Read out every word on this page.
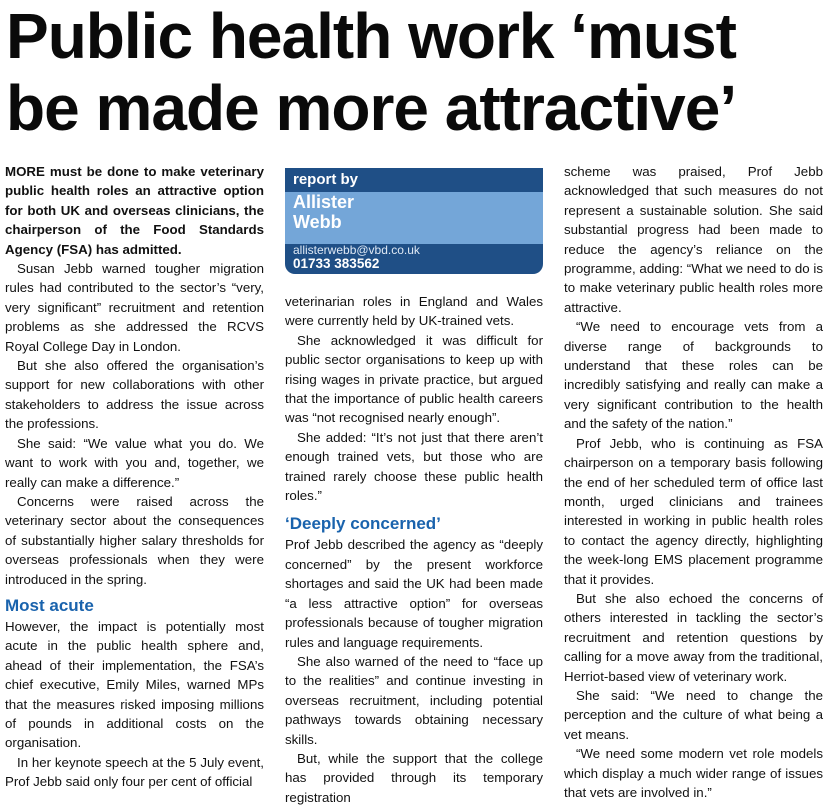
Public health work ‘must
be made more attractive’

MORE must be done to make veterinary public health roles an attractive option for both UK and overseas clinicians, the chairperson of the Food Standards Agency (FSA) has admitted.

Susan Jebb warned tougher migration rules had contributed to the sector’s “very, very significant” recruitment and retention problems as she addressed the RCVS Royal College Day in London.

But she also offered the organisation’s support for new collaborations with other stakeholders to address the issue across the professions.

She said: “We value what you do. We want to work with you and, together, we really can make a difference.”

Concerns were raised across the veterinary sector about the consequences of substantially higher salary thresholds for overseas professionals when they were introduced in the spring.

Most acute

However, the impact is potentially most acute in the public health sphere and, ahead of their implementation, the FSA’s chief executive, Emily Miles, warned MPs that the measures risked imposing millions of pounds in additional costs on the organisation.

In her keynote speech at the 5 July event, Prof Jebb said only four per cent of official

report by
Allister
Webb
allisterwebb@vbd.co.uk
01733 383562

veterinarian roles in England and Wales were currently held by UK-trained vets.

She acknowledged it was difficult for public sector organisations to keep up with rising wages in private practice, but argued that the importance of public health careers was “not recognised nearly enough”.

She added: “It’s not just that there aren’t enough trained vets, but those who are trained rarely choose these public health roles.”

‘Deeply concerned’

Prof Jebb described the agency as “deeply concerned” by the present workforce shortages and said the UK had been made “a less attractive option” for overseas professionals because of tougher migration rules and language requirements.

She also warned of the need to “face up to the realities” and continue investing in overseas recruitment, including potential pathways towards obtaining necessary skills.

But, while the support that the college has provided through its temporary registration

scheme was praised, Prof Jebb acknowledged that such measures do not represent a sustainable solution. She said substantial progress had been made to reduce the agency’s reliance on the programme, adding: “What we need to do is to make veterinary public health roles more attractive.

“We need to encourage vets from a diverse range of backgrounds to understand that these roles can be incredibly satisfying and really can make a very significant contribution to the health and the safety of the nation.”

Prof Jebb, who is continuing as FSA chairperson on a temporary basis following the end of her scheduled term of office last month, urged clinicians and trainees interested in working in public health roles to contact the agency directly, highlighting the week-long EMS placement programme that it provides.

But she also echoed the concerns of others interested in tackling the sector’s recruitment and retention questions by calling for a move away from the traditional, Herriot-based view of veterinary work.

She said: “We need to change the perception and the culture of what being a vet means.

“We need some modern vet role models which display a much wider range of issues that vets are involved in.”
